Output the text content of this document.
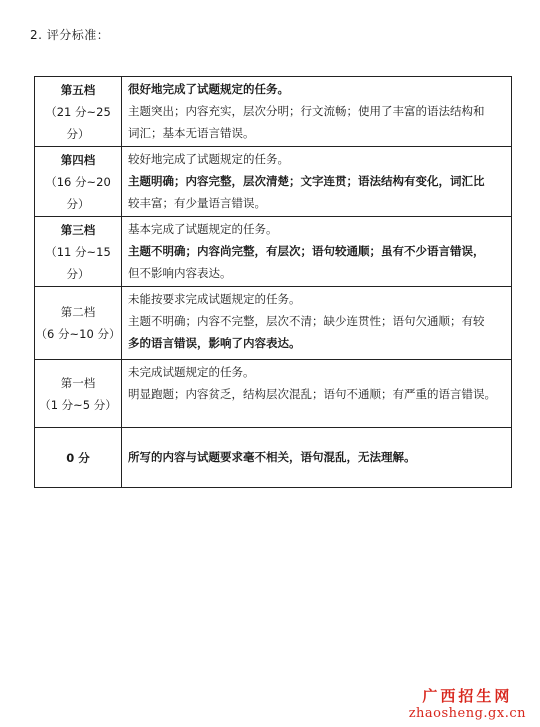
2. 评分标准：
第五档
（21 分~25 分）	很好地完成了试题规定的任务。
主题突出；内容充实，层次分明；行文流畅；使用了丰富的语法结构和
词汇；基本无语言错误。

第四档
（16 分~20 分）	较好地完成了试题规定的任务。
主题明确；内容完整，层次清楚；文字连贯；语法结构有变化，词汇比
较丰富；有少量语言错误。

第三档
（11 分~15 分）	基本完成了试题规定的任务。
主题不明确；内容尚完整，有层次；语句较通顺；虽有不少语言错误，
但不影响内容表达。

第二档
（6 分~10 分）	未能按要求完成试题规定的任务。
主题不明确；内容不完整，层次不清；缺少连贯性；语句欠通顺；有较
多的语言错误，影响了内容表达。

第一档
（1 分~5 分）	未完成试题规定的任务。
明显跑题；内容贫乏，结构层次混乱；语句不通顺；有严重的语言错误。

0 分	所写的内容与试题要求毫不相关，语句混乱，无法理解。
广西招生网
zhaosheng.gx.cn
